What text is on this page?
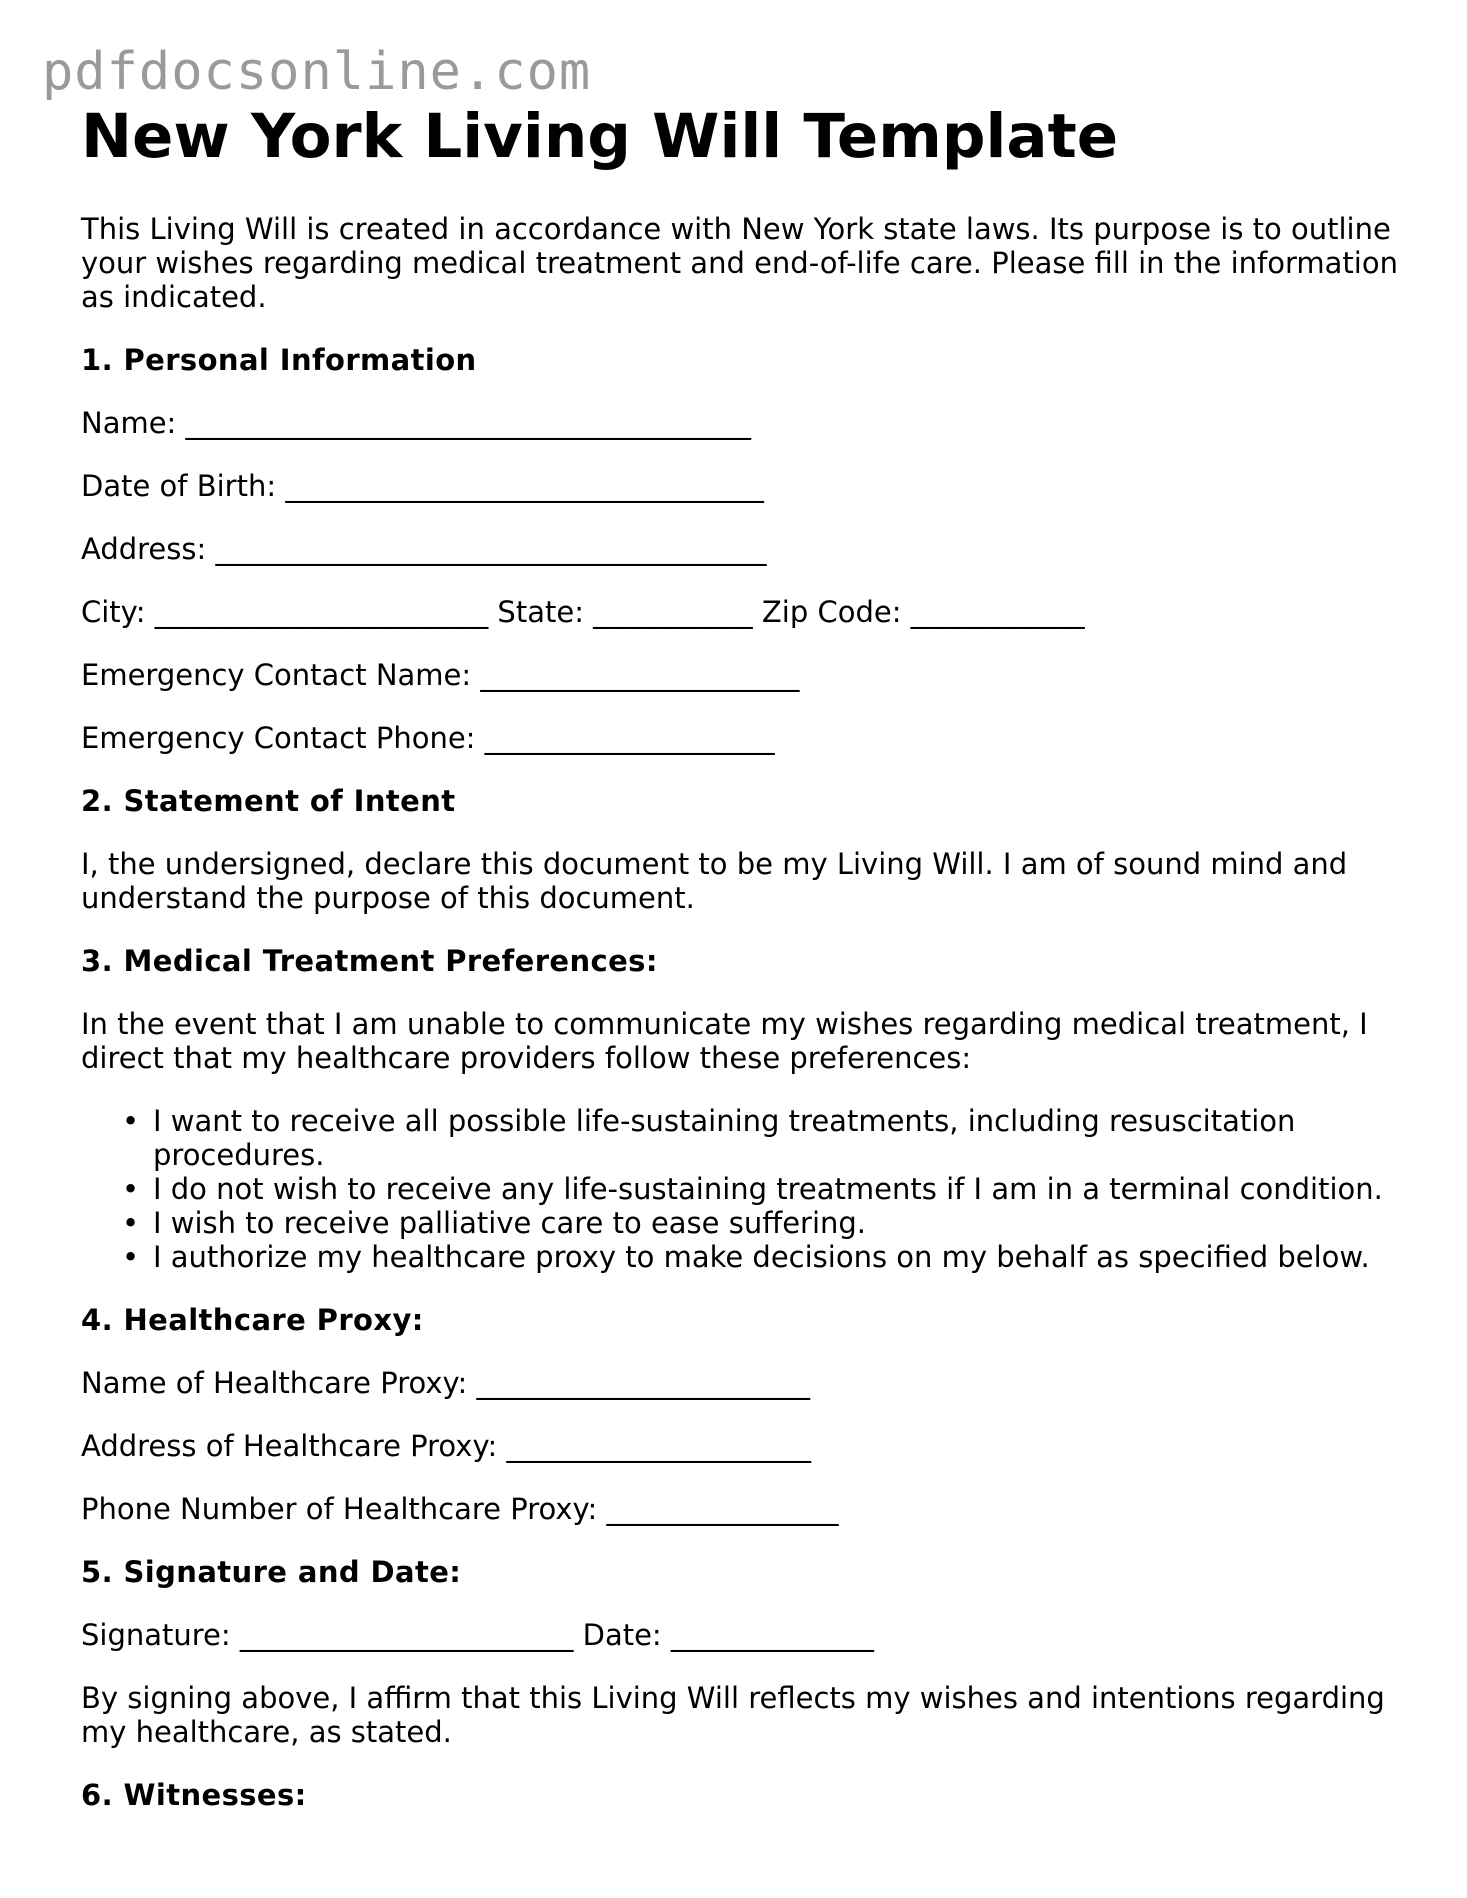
pdfdocsonline.com
New York Living Will Template

This Living Will is created in accordance with New York state laws. Its purpose is to outline your wishes regarding medical treatment and end-of-life care. Please fill in the information as indicated.

1. Personal Information
Name: _______________________________________
Date of Birth: _________________________________
Address: ______________________________________
City: _______________________ State: ___________ Zip Code: ____________
Emergency Contact Name: ______________________
Emergency Contact Phone: ____________________
2. Statement of Intent

I, the undersigned, declare this document to be my Living Will. I am of sound mind and understand the purpose of this document.

3. Medical Treatment Preferences:

In the event that I am unable to communicate my wishes regarding medical treatment, I direct that my healthcare providers follow these preferences:

• I want to receive all possible life-sustaining treatments, including resuscitation procedures.
• I do not wish to receive any life-sustaining treatments if I am in a terminal condition.
• I wish to receive palliative care to ease suffering.
• I authorize my healthcare proxy to make decisions on my behalf as specified below.
4. Healthcare Proxy:
Name of Healthcare Proxy: _______________________
Address of Healthcare Proxy: _____________________
Phone Number of Healthcare Proxy: ________________
5. Signature and Date:
Signature: _______________________ Date: ______________

By signing above, I affirm that this Living Will reflects my wishes and intentions regarding my healthcare, as stated.

6. Witnesses:
